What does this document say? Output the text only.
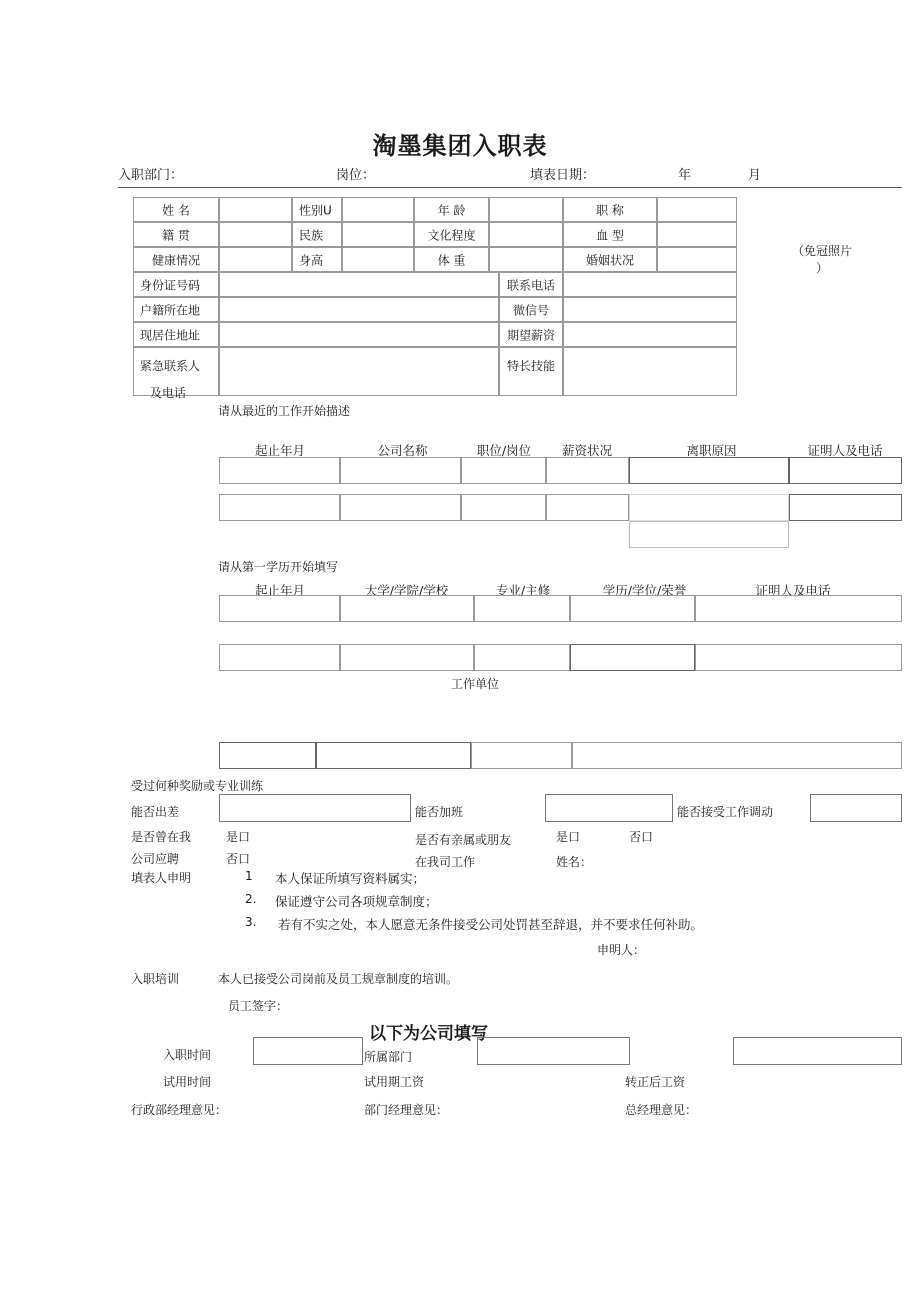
淘墨集团入职表
入职部门：	岗位：	填表日期：	年	月
姓 名	性别U	年 龄	职 称
籍 贯	民族	文化程度	血 型
健康情况	身高	体 重	婚姻状况
身份证号码	联系电话
户籍所在地	微信号
现居住地址	期望薪资
紧急联系人
及电话
特长技能
（免冠照片
）
请从最近的工作开始描述
起止年月	公司名称	职位/岗位	薪资状况	离职原因	证明人及电话
请从第一学历开始填写
起止年月	大学/学院/学校	专业/主修	学历/学位/荣誉	证明人及电话
工作单位
受过何种奖励或专业训练
能否出差	能否加班	能否接受工作调动
是否曾在我
公司应聘
是口
否口
是否有亲属或朋友
在我司工作
是口	否口
姓名：
填表人申明	1 本人保证所填写资料属实；
2. 保证遵守公司各项规章制度；
3. 若有不实之处，本人愿意无条件接受公司处罚甚至辞退，并不要求任何补助。
申明人：
入职培训	本人已接受公司岗前及员工规章制度的培训。
员工签字：
以下为公司填写
入职时间	所属部门
试用时间	试用期工资	转正后工资
行政部经理意见：	部门经理意见：	总经理意见：
